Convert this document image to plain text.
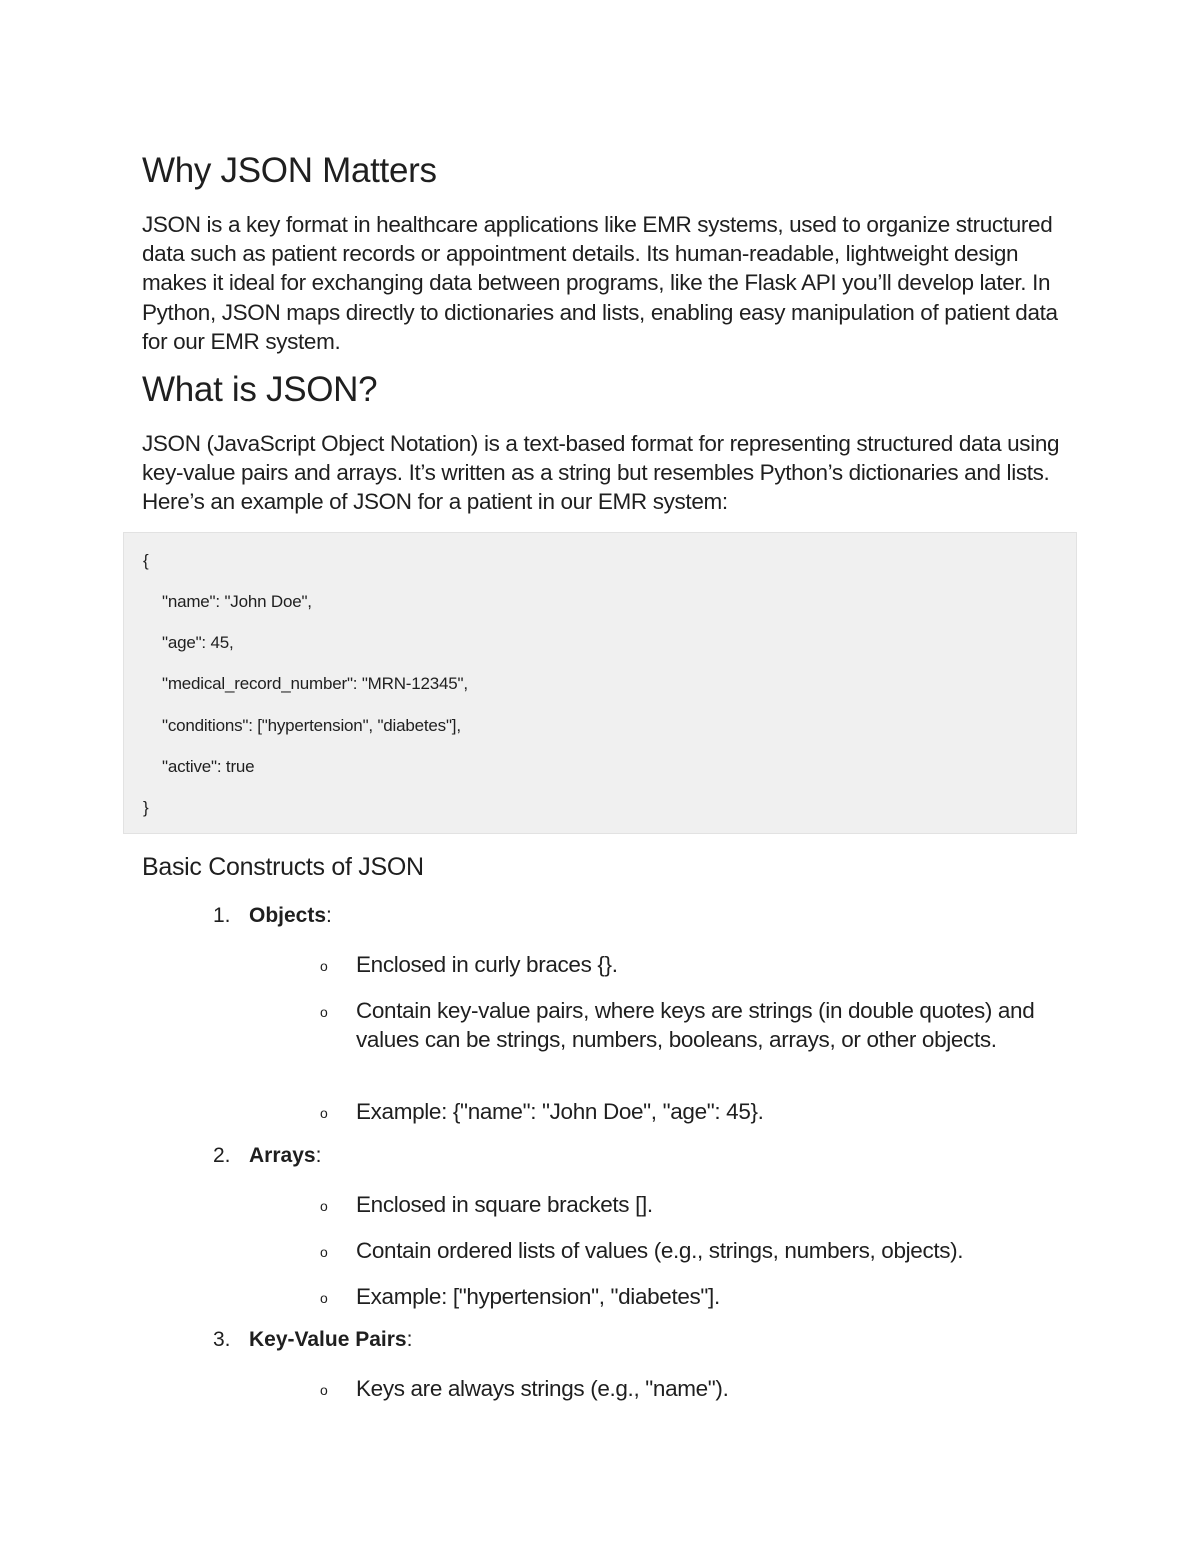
Why JSON Matters

JSON is a key format in healthcare applications like EMR systems, used to organize structured data such as patient records or appointment details. Its human-readable, lightweight design makes it ideal for exchanging data between programs, like the Flask API you’ll develop later. In Python, JSON maps directly to dictionaries and lists, enabling easy manipulation of patient data for our EMR system.

What is JSON?

JSON (JavaScript Object Notation) is a text-based format for representing structured data using key-value pairs and arrays. It’s written as a string but resembles Python’s dictionaries and lists. Here’s an example of JSON for a patient in our EMR system:

{
"name": "John Doe",
"age": 45,
"medical_record_number": "MRN-12345",
"conditions": ["hypertension", "diabetes"],
"active": true
}
Basic Constructs of JSON
1. Objects:
o Enclosed in curly braces {}.

o Contain key-value pairs, where keys are strings (in double quotes) and values can be strings, numbers, booleans, arrays, or other objects.

o Example: {"name": "John Doe", "age": 45}.

2. Arrays:
o Enclosed in square brackets [].

o Contain ordered lists of values (e.g., strings, numbers, objects).

o Example: ["hypertension", "diabetes"].

3. Key-Value Pairs:
o Keys are always strings (e.g., "name").
